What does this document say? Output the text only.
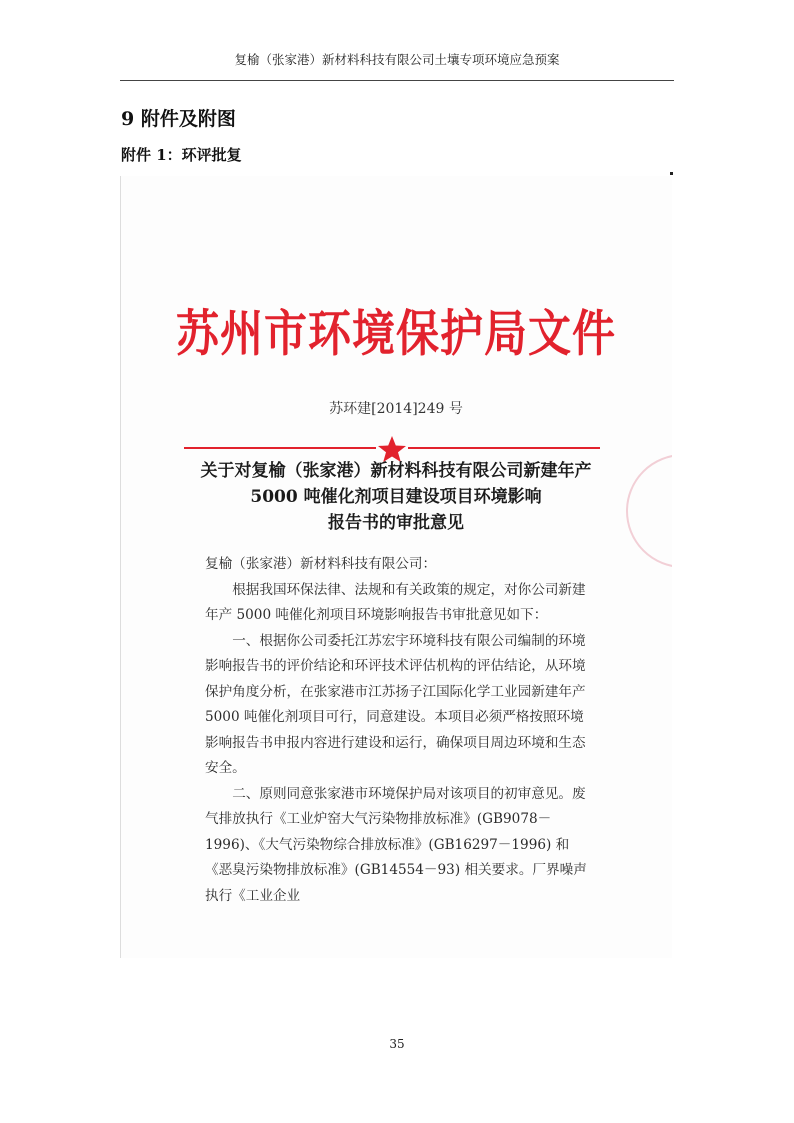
复榆（张家港）新材料科技有限公司土壤专项环境应急预案
9 附件及附图
附件 1：环评批复
苏州市环境保护局文件
苏环建[2014]249 号
关于对复榆（张家港）新材料科技有限公司新建年产
5000 吨催化剂项目建设项目环境影响
报告书的审批意见

复榆（张家港）新材料科技有限公司：

根据我国环保法律、法规和有关政策的规定，对你公司新建年产 5000 吨催化剂项目环境影响报告书审批意见如下：

一、根据你公司委托江苏宏宇环境科技有限公司编制的环境影响报告书的评价结论和环评技术评估机构的评估结论，从环境保护角度分析，在张家港市江苏扬子江国际化学工业园新建年产 5000 吨催化剂项目可行，同意建设。本项目必须严格按照环境影响报告书申报内容进行建设和运行，确保项目周边环境和生态安全。

二、原则同意张家港市环境保护局对该项目的初审意见。废气排放执行《工业炉窑大气污染物排放标准》(GB9078－1996)、《大气污染物综合排放标准》(GB16297－1996) 和《恶臭污染物排放标准》(GB14554－93) 相关要求。厂界噪声执行《工业企业

35
